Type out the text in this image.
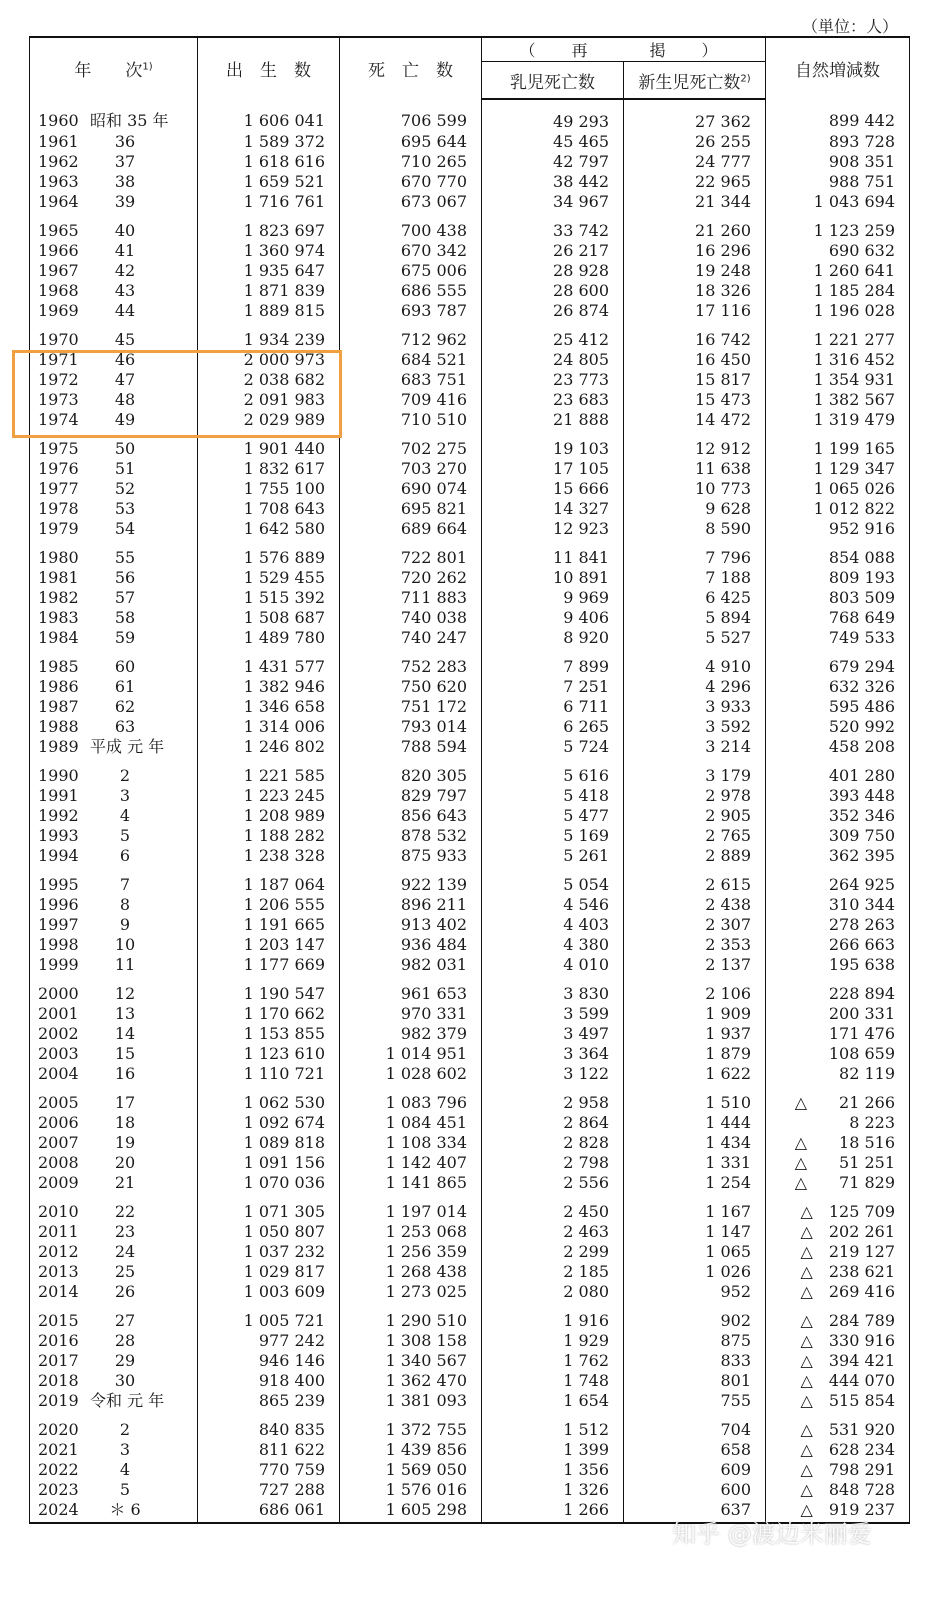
（単位：人）
年　　次$^{1)}$	出　生　数	死　亡　数	（　再　　掲　）		自然増減数
			乳児死亡数	新生児死亡数$^{2)}$
1960 昭和 35 年	1 606 041	706 599	49 293	27 362	899 442
1961 36	1 589 372	695 644	45 465	26 255	893 728
1962 37	1 618 616	710 265	42 797	24 777	908 351
1963 38	1 659 521	670 770	38 442	22 965	988 751
1964 39	1 716 761	673 067	34 967	21 344	1 043 694
1965 40	1 823 697	700 438	33 742	21 260	1 123 259
1966 41	1 360 974	670 342	26 217	16 296	690 632
1967 42	1 935 647	675 006	28 928	19 248	1 260 641
1968 43	1 871 839	686 555	28 600	18 326	1 185 284
1969 44	1 889 815	693 787	26 874	17 116	1 196 028
1970 45	1 934 239	712 962	25 412	16 742	1 221 277
1971 46	2 000 973	684 521	24 805	16 450	1 316 452
1972 47	2 038 682	683 751	23 773	15 817	1 354 931
1973 48	2 091 983	709 416	23 683	15 473	1 382 567
1974 49	2 029 989	710 510	21 888	14 472	1 319 479
1975 50	1 901 440	702 275	19 103	12 912	1 199 165
1976 51	1 832 617	703 270	17 105	11 638	1 129 347
1977 52	1 755 100	690 074	15 666	10 773	1 065 026
1978 53	1 708 643	695 821	14 327	9 628	1 012 822
1979 54	1 642 580	689 664	12 923	8 590	952 916
1980 55	1 576 889	722 801	11 841	7 796	854 088
1981 56	1 529 455	720 262	10 891	7 188	809 193
1982 57	1 515 392	711 883	9 969	6 425	803 509
1983 58	1 508 687	740 038	9 406	5 894	768 649
1984 59	1 489 780	740 247	8 920	5 527	749 533
1985 60	1 431 577	752 283	7 899	4 910	679 294
1986 61	1 382 946	750 620	7 251	4 296	632 326
1987 62	1 346 658	751 172	6 711	3 933	595 486
1988 63	1 314 006	793 014	6 265	3 592	520 992
1989 平成 元 年	1 246 802	788 594	5 724	3 214	458 208
1990 2	1 221 585	820 305	5 616	3 179	401 280
1991 3	1 223 245	829 797	5 418	2 978	393 448
1992 4	1 208 989	856 643	5 477	2 905	352 346
1993 5	1 188 282	878 532	5 169	2 765	309 750
1994 6	1 238 328	875 933	5 261	2 889	362 395
1995 7	1 187 064	922 139	5 054	2 615	264 925
1996 8	1 206 555	896 211	4 546	2 438	310 344
1997 9	1 191 665	913 402	4 403	2 307	278 263
1998 10	1 203 147	936 484	4 380	2 353	266 663
1999 11	1 177 669	982 031	4 010	2 137	195 638
2000 12	1 190 547	961 653	3 830	2 106	228 894
2001 13	1 170 662	970 331	3 599	1 909	200 331
2002 14	1 153 855	982 379	3 497	1 937	171 476
2003 15	1 123 610	1 014 951	3 364	1 879	108 659
2004 16	1 110 721	1 028 602	3 122	1 622	82 119
2005 17	1 062 530	1 083 796	2 958	1 510	△　　21 266
2006 18	1 092 674	1 084 451	2 864	1 444	8 223
2007 19	1 089 818	1 108 334	2 828	1 434	△　　18 516
2008 20	1 091 156	1 142 407	2 798	1 331	△　　51 251
2009 21	1 070 036	1 141 865	2 556	1 254	△　　71 829
2010 22	1 071 305	1 197 014	2 450	1 167	△　125 709
2011 23	1 050 807	1 253 068	2 463	1 147	△　202 261
2012 24	1 037 232	1 256 359	2 299	1 065	△　219 127
2013 25	1 029 817	1 268 438	2 185	1 026	△　238 621
2014 26	1 003 609	1 273 025	2 080	952	△　269 416
2015 27	1 005 721	1 290 510	1 916	902	△　284 789
2016 28	977 242	1 308 158	1 929	875	△　330 916
2017 29	946 146	1 340 567	1 762	833	△　394 421
2018 30	918 400	1 362 470	1 748	801	△　444 070
2019 令和 元 年	865 239	1 381 093	1 654	755	△　515 854
2020 2	840 835	1 372 755	1 512	704	△　531 920
2021 3	811 622	1 439 856	1 399	658	△　628 234
2022 4	770 759	1 569 050	1 356	609	△　798 291
2023 5	727 288	1 576 016	1 326	600	△　848 728
2024 ＊ 6	686 061	1 605 298	1 266	637	△　919 237
知乎 @渡边米丽爱
